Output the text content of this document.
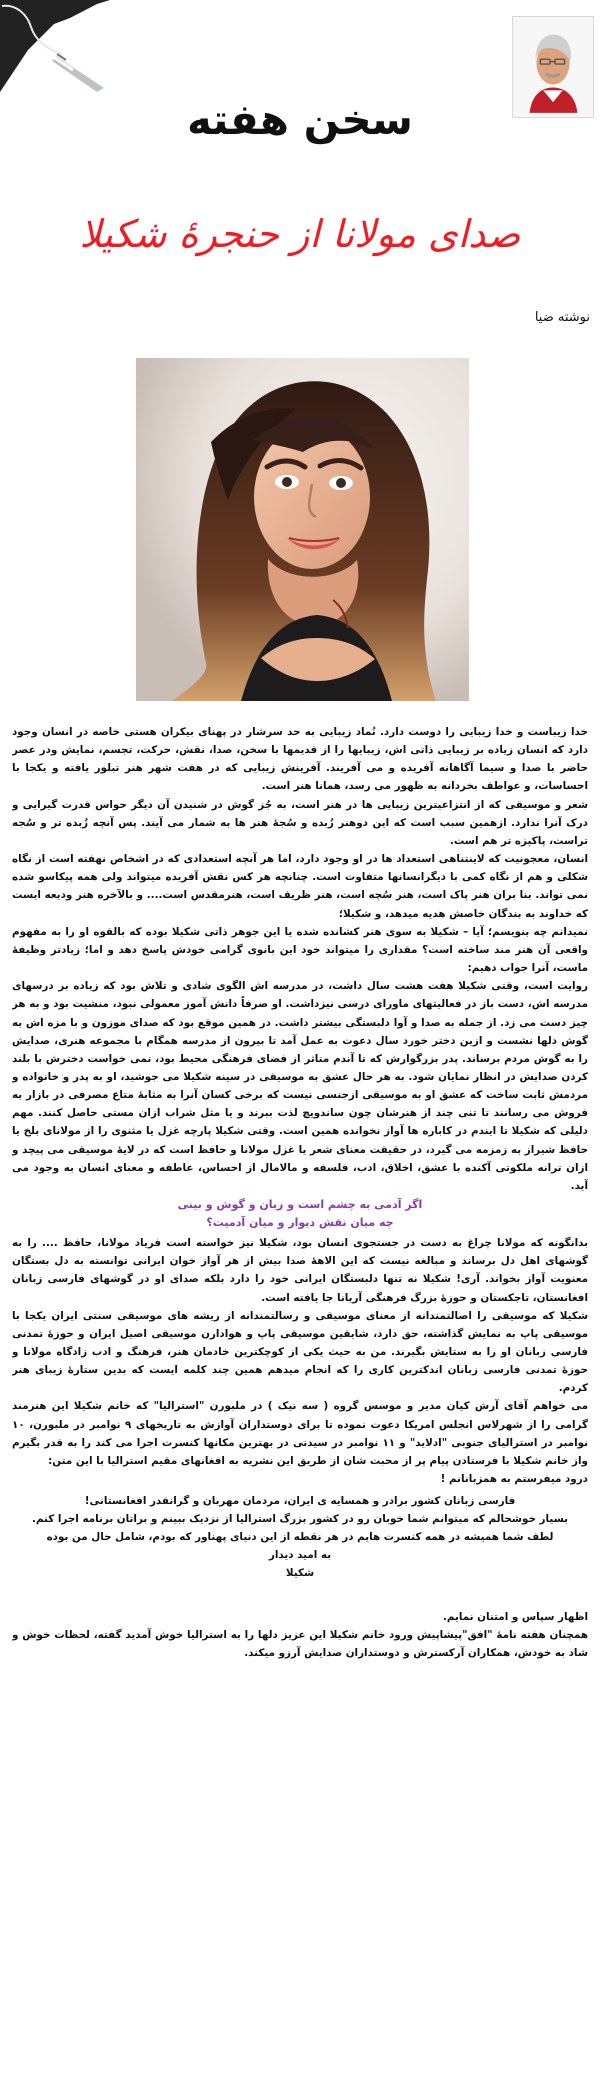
سخن هفته
صدای مولانا از حنجرهٔ شکیلا
نوشته ضیا

خدا زیباست و خدا زیبایی را دوست دارد. نُماد زیبایی به حد سرشار در پهنای بیکران هستی خاصه در انسان وجود دارد که انسان زیاده بر زیبایی ذاتی اش، زیبایها را از قدیمها با سخن، صدا، نقش، حرکت، تجسم، نمایش ودر عصر حاضر با صدا و سیما آگاهانه آفریده و می آفریند. آفرینش زیبایی که در هفت شهر هنر تبلور یافته و یکجا با احساسات، و عواطف بخردانه به ظهور می رسد، همانا هنر است.

شعر و موسیقی که از انتزاعیترین زیبایی ها در هنر است، به جُز گوش در شنیدن آن دیگر حواس قدرت گیرایی و درک آنرا ندارد. ازهمین سبب است که این دوهنر زُبده و سُجهٔ هنر ها به شمار می آیند. پس آنچه زُبده تر و سُجه تراست، پاکیزه تر هم است.

انسان، معجونیت که لاینتناهی استعداد ها در او وجود دارد، اما هر آنچه استعدادی که در اشخاص نهفته است از نگاه شکلی و هم از نگاه کمی با دیگرانسانها متفاوت است. چنانچه هر کس نقش آفریده میتواند ولی همه پیکاسو شده نمی تواند. بنا بران هنر پاک است، هنر سُچه است، هنر ظریف است، هنرمقدس است.... و بالآخره هنر ودیعه ایست که خداوند به بندگان خاصش هدیه میدهد، و شکیلا؛

نمیدانم چه بنویسم؛ آیا – شکیلا به سوی هنر کشانده شده یا این جوهر ذاتی شکیلا بوده که بالقوه او را به مفهوم واقعی آن هنر مند ساخته است؟ مقداری را میتواند خود این بانوی گرامی خودش پاسخ دهد و اما؛ زیادتر وظیفهٔ ماست، آنرا جواب دهیم:

روایت است، وقتی شکیلا هفت هشت سال داشت، در مدرسه اش الگوی شادی و تلاش بود که زیاده بر درسهای مدرسه اش، دست باز در فعالیتهای ماورای درسی نیزداشت. او صرفاً دانش آموز معمولی نبود، منشیت بود و به هر چیز دست می زد. از جمله به صدا و آوا دلبستگی بیشتر داشت. در همین موقع بود که صدای موزون و با مزه اش به گوش دلها نشست و ازین دختر خورد سال دعوت به عمل آمد تا بیرون از مدرسه همگام با مجموعه هنری، صدایش را به گوش مردم برساند. پدر بزرگوارش که تا آندم متاثر از فضای فرهنگی محیط بود، نمی خواست دخترش با بلند کردن صدایش در انظار نمایان شود. به هر حال عشق به موسیقی در سینه شکیلا می جوشید، او به پدر و خانواده و مردمش ثابت ساخت که عشق او به موسیقی ازجنسی نیست که برخی کسان آنرا به مثابهٔ متاع مصرفی در بازار به فروش می رسانند تا تنی چند از هنرشان چون ساندویچ لذت ببرند و یا مثل شراب ازان مستی حاصل کنند. مهم دلیلی که شکیلا تا ایندم در کاباره ها آواز نخوانده همین است. وقتی شکیلا پارچه غزل یا مثنوی را از مولانای بلخ یا حافظ شیراز به زمزمه می گیرد، در حقیقت معنای شعر یا غزل مولانا و حافظ است که در لایهٔ موسیقی می پیچد و ازان ترانه ملکوتی آکنده با عشق، اخلاق، ادب، فلسفه و مالامال از احساس، عاطفه و معنای انسان به وجود می آید.

اگر آدمی به چشم است و زبان و گوش و بینی
چه میان نقش دیوار و میان آدمیت؟

بدانگونه که مولانا چراغ به دست در جستجوی انسان بود، شکیلا نیز خواسته است فریاد مولانا، حافظ .... را به گوشهای اهل دل برساند و مبالغه نیست که این الاهۀ صدا بیش از هر آواز خوان ایرانی توانسته به دل بستگان معنویت آواز بخواند. آری! شکیلا نه تنها دلبستگان ایرانی خود را دارد بلکه صدای او در گوشهای فارسی زبانان افغانستان، تاجکستان و حوزهٔ بزرگ فرهنگی آریانا جا یافته است.

شکیلا که موسیقی را اصالتمندانه از معنای موسیقی و رسالتمندانه از ریشه های موسیقی سنتی ایران یکجا با موسیقی پاپ به نمایش گذاشته، حق دارد، شایقین موسیقی پاپ و هوادارن موسیقی اصیل ایران و حوزهٔ تمدنی فارسی زبانان او را به ستایش بگیرند. من به حیث یکی از کوچکترین خادمان هنر، فرهنگ و ادب زادگاه مولانا و حوزهٔ تمدنی فارسی زبانان اندکترین کاری را که انجام میدهم همین چند کلمه ایست که بدین ستارهٔ زیبای هنر کردم.

می خواهم آقای آرش کیان مدیر و موسس گروه ( سه نیک ) در ملبورن "استرالیا" که خانم شکیلا این هنرمند گرامی را از شهرلاس انجلس امریکا دعوت نموده تا برای دوستداران آوازش به تاریخهای ۹ نوامبر در ملبورن، ۱۰ نوامبر در استرالیای جنوبی "ادلاید" و ۱۱ نوامبر در سیدنی در بهترین مکانها کنسرت اجرا می کند را به قدر بگیرم واز خانم شکیلا با فرستادن پیام پر از محبت شان از طریق این نشریه به افغانهای مقیم استرالیا با این متن:

درود میفرستم به همزبانانم !

فارسی زبانان کشور برادر و همسایه ی ایران، مردمان مهربان و گرانقدر افغانستانی!
بسیار خوشحالم که میتوانم شما خوبان رو در کشور بزرگ استرالیا از نزدیک ببینم و براتان برنامه اجرا کنم.
لطف شما همیشه در همه کنسرت هایم در هر نقطه از این دنیای پهناور که بودم، شامل حال من بوده
به امید دیدار
شکیلا
اظهار سپاس و امتنان نمایم.
همچنان هفته نامهٔ "افق"پیشاپیش ورود خانم شکیلا این عزیز دلها را به استرالیا خوش آمدید گفته، لحظات خوش و شاد به خودش، همکاران آرکسترش و دوستداران صدایش آرزو میکند.
